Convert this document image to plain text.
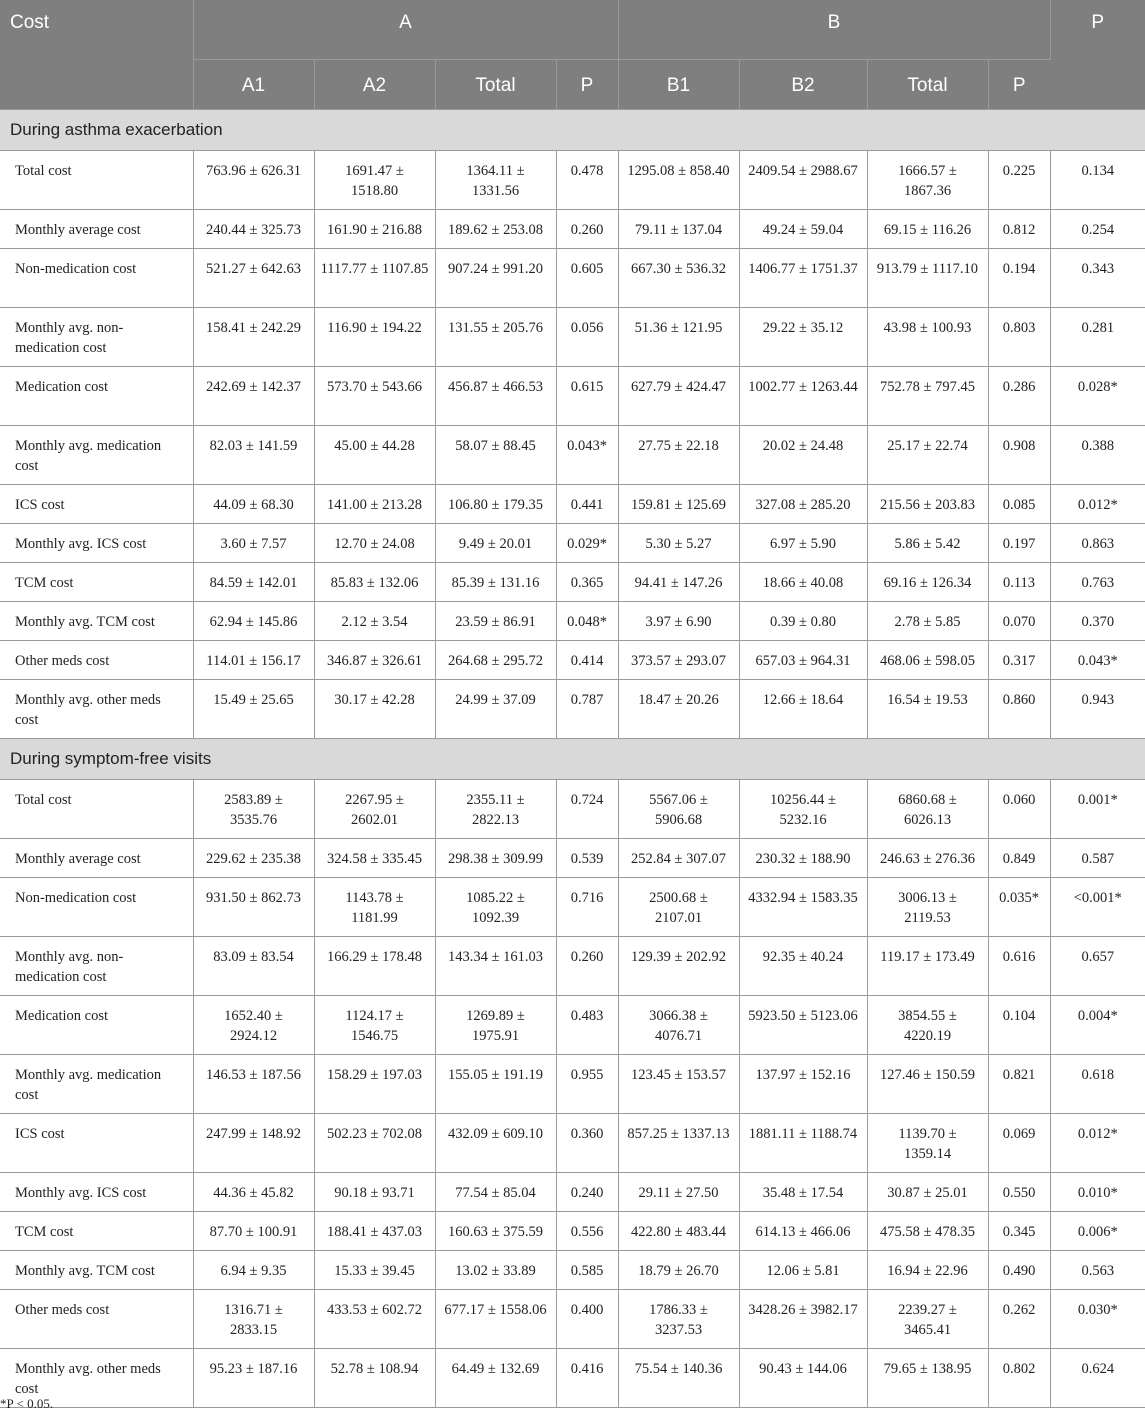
Cost	A				B				P
	A1	A2	Total	P	B1	B2	Total	P	
During asthma exacerbation									
Total cost	763.96 ± 626.31	1691.47 ± 1518.80	1364.11 ± 1331.56	0.478	1295.08 ± 858.40	2409.54 ± 2988.67	1666.57 ± 1867.36	0.225	0.134
Monthly average cost	240.44 ± 325.73	161.90 ± 216.88	189.62 ± 253.08	0.260	79.11 ± 137.04	49.24 ± 59.04	69.15 ± 116.26	0.812	0.254
Non-medication cost	521.27 ± 642.63	1117.77 ± 1107.85	907.24 ± 991.20	0.605	667.30 ± 536.32	1406.77 ± 1751.37	913.79 ± 1117.10	0.194	0.343
Monthly avg. non-medication cost	158.41 ± 242.29	116.90 ± 194.22	131.55 ± 205.76	0.056	51.36 ± 121.95	29.22 ± 35.12	43.98 ± 100.93	0.803	0.281
Medication cost	242.69 ± 142.37	573.70 ± 543.66	456.87 ± 466.53	0.615	627.79 ± 424.47	1002.77 ± 1263.44	752.78 ± 797.45	0.286	0.028*
Monthly avg. medication cost	82.03 ± 141.59	45.00 ± 44.28	58.07 ± 88.45	0.043*	27.75 ± 22.18	20.02 ± 24.48	25.17 ± 22.74	0.908	0.388
ICS cost	44.09 ± 68.30	141.00 ± 213.28	106.80 ± 179.35	0.441	159.81 ± 125.69	327.08 ± 285.20	215.56 ± 203.83	0.085	0.012*
Monthly avg. ICS cost	3.60 ± 7.57	12.70 ± 24.08	9.49 ± 20.01	0.029*	5.30 ± 5.27	6.97 ± 5.90	5.86 ± 5.42	0.197	0.863
TCM cost	84.59 ± 142.01	85.83 ± 132.06	85.39 ± 131.16	0.365	94.41 ± 147.26	18.66 ± 40.08	69.16 ± 126.34	0.113	0.763
Monthly avg. TCM cost	62.94 ± 145.86	2.12 ± 3.54	23.59 ± 86.91	0.048*	3.97 ± 6.90	0.39 ± 0.80	2.78 ± 5.85	0.070	0.370
Other meds cost	114.01 ± 156.17	346.87 ± 326.61	264.68 ± 295.72	0.414	373.57 ± 293.07	657.03 ± 964.31	468.06 ± 598.05	0.317	0.043*
Monthly avg. other meds cost	15.49 ± 25.65	30.17 ± 42.28	24.99 ± 37.09	0.787	18.47 ± 20.26	12.66 ± 18.64	16.54 ± 19.53	0.860	0.943
During symptom-free visits									
Total cost	2583.89 ± 3535.76	2267.95 ± 2602.01	2355.11 ± 2822.13	0.724	5567.06 ± 5906.68	10256.44 ± 5232.16	6860.68 ± 6026.13	0.060	0.001*
Monthly average cost	229.62 ± 235.38	324.58 ± 335.45	298.38 ± 309.99	0.539	252.84 ± 307.07	230.32 ± 188.90	246.63 ± 276.36	0.849	0.587
Non-medication cost	931.50 ± 862.73	1143.78 ± 1181.99	1085.22 ± 1092.39	0.716	2500.68 ± 2107.01	4332.94 ± 1583.35	3006.13 ± 2119.53	0.035*	<0.001*
Monthly avg. non-medication cost	83.09 ± 83.54	166.29 ± 178.48	143.34 ± 161.03	0.260	129.39 ± 202.92	92.35 ± 40.24	119.17 ± 173.49	0.616	0.657
Medication cost	1652.40 ± 2924.12	1124.17 ± 1546.75	1269.89 ± 1975.91	0.483	3066.38 ± 4076.71	5923.50 ± 5123.06	3854.55 ± 4220.19	0.104	0.004*
Monthly avg. medication cost	146.53 ± 187.56	158.29 ± 197.03	155.05 ± 191.19	0.955	123.45 ± 153.57	137.97 ± 152.16	127.46 ± 150.59	0.821	0.618
ICS cost	247.99 ± 148.92	502.23 ± 702.08	432.09 ± 609.10	0.360	857.25 ± 1337.13	1881.11 ± 1188.74	1139.70 ± 1359.14	0.069	0.012*
Monthly avg. ICS cost	44.36 ± 45.82	90.18 ± 93.71	77.54 ± 85.04	0.240	29.11 ± 27.50	35.48 ± 17.54	30.87 ± 25.01	0.550	0.010*
TCM cost	87.70 ± 100.91	188.41 ± 437.03	160.63 ± 375.59	0.556	422.80 ± 483.44	614.13 ± 466.06	475.58 ± 478.35	0.345	0.006*
Monthly avg. TCM cost	6.94 ± 9.35	15.33 ± 39.45	13.02 ± 33.89	0.585	18.79 ± 26.70	12.06 ± 5.81	16.94 ± 22.96	0.490	0.563
Other meds cost	1316.71 ± 2833.15	433.53 ± 602.72	677.17 ± 1558.06	0.400	1786.33 ± 3237.53	3428.26 ± 3982.17	2239.27 ± 3465.41	0.262	0.030*
Monthly avg. other meds cost	95.23 ± 187.16	52.78 ± 108.94	64.49 ± 132.69	0.416	75.54 ± 140.36	90.43 ± 144.06	79.65 ± 138.95	0.802	0.624
*P < 0.05.
